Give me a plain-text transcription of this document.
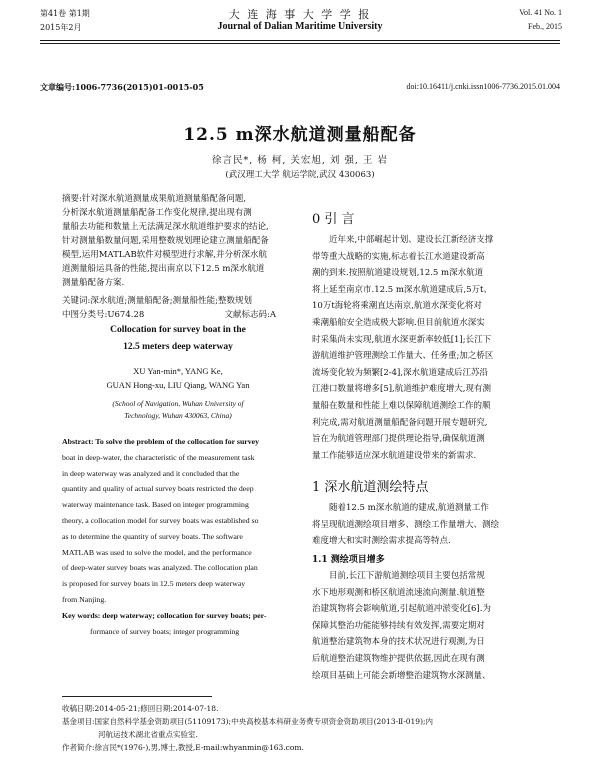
第41卷 第1期
2015年2月
大 连 海 事 大 学 学 报
Journal of Dalian Maritime University
Vol. 41 No. 1
Feb., 2015
文章编号:1006-7736(2015)01-0015-05	doi:10.16411/j.cnki.issn1006-7736.2015.01.004
12.5 m深水航道测量船配备
徐言民*, 杨 柯, 关宏旭, 刘 强, 王 岩
(武汉理工大学 航运学院,武汉 430063)
摘要:针对深水航道测量成果航道测量船配备问题,
分析深水航道测量船配备工作变化规律,提出现有测
量船去功能和数量上无法满足深水航道维护要求的结论,
针对测量船数量问题,采用整数规划理论建立测量船配备
模型,运用MATLAB软件对模型进行求解,并分析深水航
道测量船运具备的性能,提出南京以下12.5 m深水航道
测量船配备方案.
关键词:深水航道;测量船配备;测量船性能;整数规划
中图分类号:U674.28	文献标志码:A
Collocation for survey boat in the
12.5 meters deep waterway
XU Yan-min*, YANG Ke,
GUAN Hong-xu, LIU Qiang, WANG Yan
(School of Navigation, Wuhan University of
Technology, Wuhan 430063, China)
Abstract: To solve the problem of the collocation for survey
boat in deep-water, the characteristic of the measurement task
in deep waterway was analyzed and it concluded that the
quantity and quality of actual survey boats restricted the deep
waterway maintenance task. Based on integer programming
theory, a collocation model for survey boats was established so
as to determine the quantity of survey boats. The software
MATLAB was used to solve the model, and the performance
of deep-water survey boats was analyzed. The collocation plan
is proposed for survey boats in 12.5 meters deep waterway
from Nanjing.
Key words: deep waterway; collocation for survey boats; per-
formance of survey boats; integer programming
0 引 言
近年来,中部崛起计划、建设长江新经济支撑
带等重大战略的实施,标志着长江水道建设新高
潮的到来.按照航道建设规划,12.5 m深水航道
将上延至南京市.12.5 m深水航道建成后,5万t、
10万t海轮将乘潮直达南京,航道水深变化将对
乘潮船舶安全造成极大影响.但目前航道水深实
时采集尚未实现,航道水深更新率较低[1];长江下
游航道维护管理测绘工作量大、任务重;加之桥区
流场变化较为频繁[2-4],深水航道建成后江苏沿
江港口数量将增多[5],航道维护难度增大,现有测
量船在数量和性能上难以保障航道测绘工作的顺
利完成,需对航道测量船配备问题开展专题研究,
旨在为航道管理部门提供理论指导,确保航道测
量工作能够适应深水航道建设带来的新需求.
1 深水航道测绘特点
随着12.5 m深水航道的建成,航道测量工作
将呈现航道测绘项目增多、测绘工作量增大、测绘
难度增大和实时测绘需求提高等特点.
1.1 测绘项目增多
目前,长江下游航道测绘项目主要包括常规
水下地形观测和桥区航道流速流向测量.航道整
治建筑物将会影响航道,引起航道冲淤变化[6].为
保障其整治功能能够持续有效发挥,需要定期对
航道整治建筑物本身的技术状况进行观测,为日
后航道整治建筑物维护提供依据,因此在现有测
绘项目基础上可能会新增整治建筑物水深测量、
收稿日期:2014-05-21;修回日期:2014-07-18.
基金项目:国家自然科学基金资助项目(51109173);中央高校基本科研业务费专项资金资助项目(2013-Ⅱ-019);内
河航运技术湖北省重点实验室.
作者简介:徐言民*(1976-),男,博士,教授,E-mail:whyanmin@163.com.
